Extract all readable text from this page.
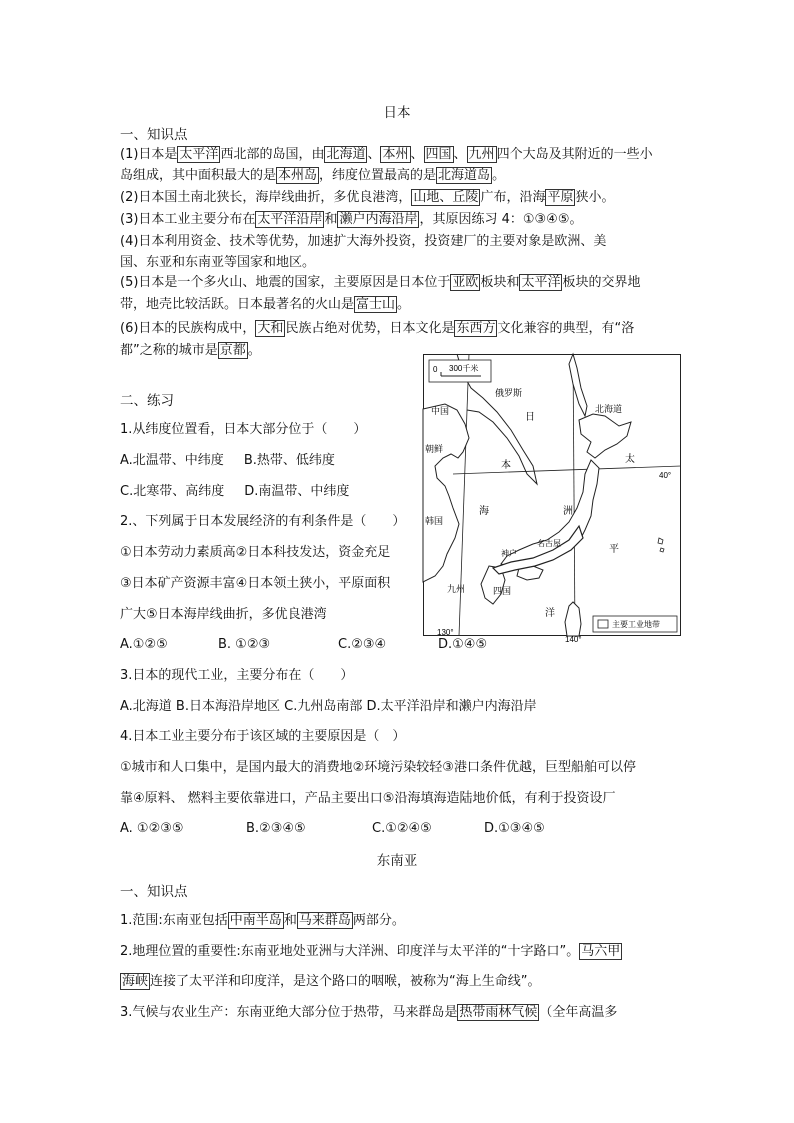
日本
一、知识点
(1)日本是 太平洋 西北部的岛国，由 北海道 、 本州 、 四国 、 九州 四个大岛及其附近的一些小
岛组成，其中面积最大的是 本州岛 ，纬度位置最高的是 北海道岛 。
(2)日本国土南北狭长，海岸线曲折，多优良港湾， 山地、丘陵 广布，沿海 平原 狭小。
(3)日本工业主要分布在 太平洋沿岸 和 濑户内海沿岸 ，其原因练习 4：①③④⑤。
(4)日本利用资金、技术等优势，加速扩大海外投资，投资建厂的主要对象是欧洲、美
国、东亚和东南亚等国家和地区。
(5)日本是一个多火山、地震的国家，主要原因是日本位于 亚欧 板块和 太平洋 板块的交界地
带，地壳比较活跃。日本最著名的火山是 富士山 。
(6)日本的民族构成中， 大和 民族占绝对优势，日本文化是 东西方 文化兼容的典型，有“洛
都”之称的城市是 京都 。
二、练习
1.从纬度位置看，日本大部分位于（　　）
A.北温带、中纬度 B.热带、低纬度
C.北寒带、高纬度 D.南温带、中纬度
2.、下列属于日本发展经济的有利条件是（　　）
①日本劳动力素质高②日本科技发达，资金充足
③日本矿产资源丰富④日本领土狭小，平原面积
广大⑤日本海岸线曲折，多优良港湾
A.①②⑤	B. ①②③	C.②③④	D.①④⑤
3.日本的现代工业，主要分布在（　　）
A.北海道 B.日本海沿岸地区 C.九州岛南部 D.太平洋沿岸和濑户内海沿岸
4.日本工业主要分布于该区域的主要原因是（　）
①城市和人口集中，是国内最大的消费地②环境污染较轻③港口条件优越，巨型船舶可以停
靠④原料、 燃料主要依靠进口，产品主要出口⑤沿海填海造陆地价低，有利于投资设厂
A. ①②③⑤	B.②③④⑤	C.①②④⑤	D.①③④⑤
东南亚
一、知识点
1.范围:东南亚包括 中南半岛 和 马来群岛 两部分。
2.地理位置的重要性:东南亚地处亚洲与大洋洲、印度洋与太平洋的“十字路口”。 马六甲
海峡 连接了太平洋和印度洋，是这个路口的咽喉，被称为“海上生命线”。
3.气候与农业生产：东南亚绝大部分位于热带，马来群岛是 热带雨林气候 （全年高温多
0 300千米
主要工业地带
中国
俄罗斯
朝鲜
韩国
北海道
日
本
海
太
洲
平
洋
神户
名古屋
九州	四国
40°
130°
140°
